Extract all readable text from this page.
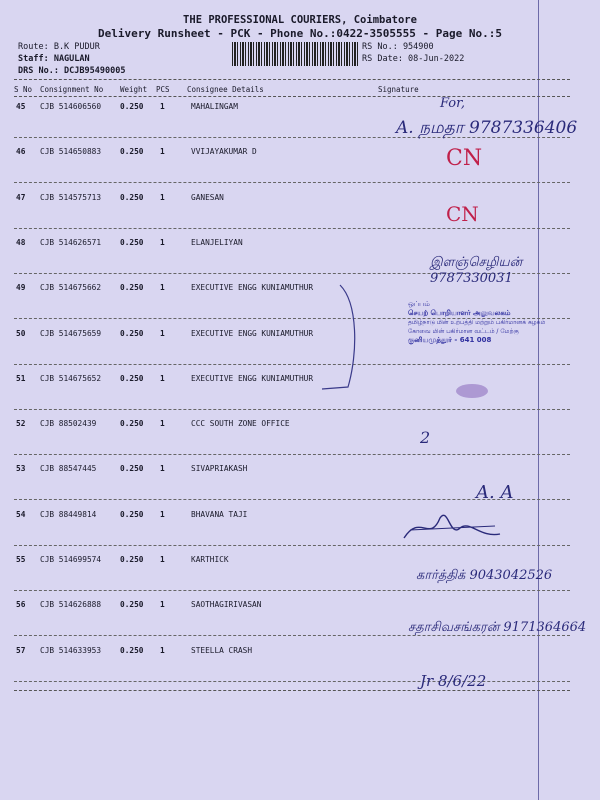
THE PROFESSIONAL COURIERS, Coimbatore
Delivery Runsheet - PCK - Phone No.:0422-3505555 - Page No.:5
Route: B.K PUDUR
Staff: NAGULAN
DRS No.: DCJB95490005
RS No.: 954900
RS Date: 08-Jun-2022
S No Consignment No Weight PCS Consignee Details	Signature
45 CJB 514606560 0.250 1	MAHALINGAM
46 CJB 514650883 0.250 1	VVIJAYAKUMAR D
47 CJB 514575713 0.250 1	GANESAN
48 CJB 514626571 0.250 1	ELANJELIYAN
49 CJB 514675662 0.250 1	EXECUTIVE ENGG KUNIAMUTHUR
50 CJB 514675659 0.250 1	EXECUTIVE ENGG KUNIAMUTHUR
51 CJB 514675652 0.250 1	EXECUTIVE ENGG KUNIAMUTHUR
52 CJB 88502439	0.250 1	CCC SOUTH ZONE OFFICE
53 CJB 88547445	0.250 1	SIVAPRIAKASH
54 CJB 88449814	0.250 1	BHAVANA TAJI
55 CJB 514699574 0.250 1	KARTHICK
56 CJB 514626888 0.250 1	SAOTHAGIRIVASAN
57 CJB 514633953 0.250 1	STEELLA CRASH
For,
A. நமதா 9787336406
CN
CN
இளஞ்செழியன் 9787330031
ஒப்பம்
செயற் பொறியாளர் அலுவலகம்
தமிழ்நாடு மின் உற்பத்தி மற்றும் பகிர்மானக் கழகம்
கோவை மின் பகிர்மான வட்டம் / மேற்கு
குனியமுத்தூர் - 641 008
2
A. A
கார்த்திக் 9043042526
சதாசிவசங்கரன் 9171364664
Jr 8/6/22
